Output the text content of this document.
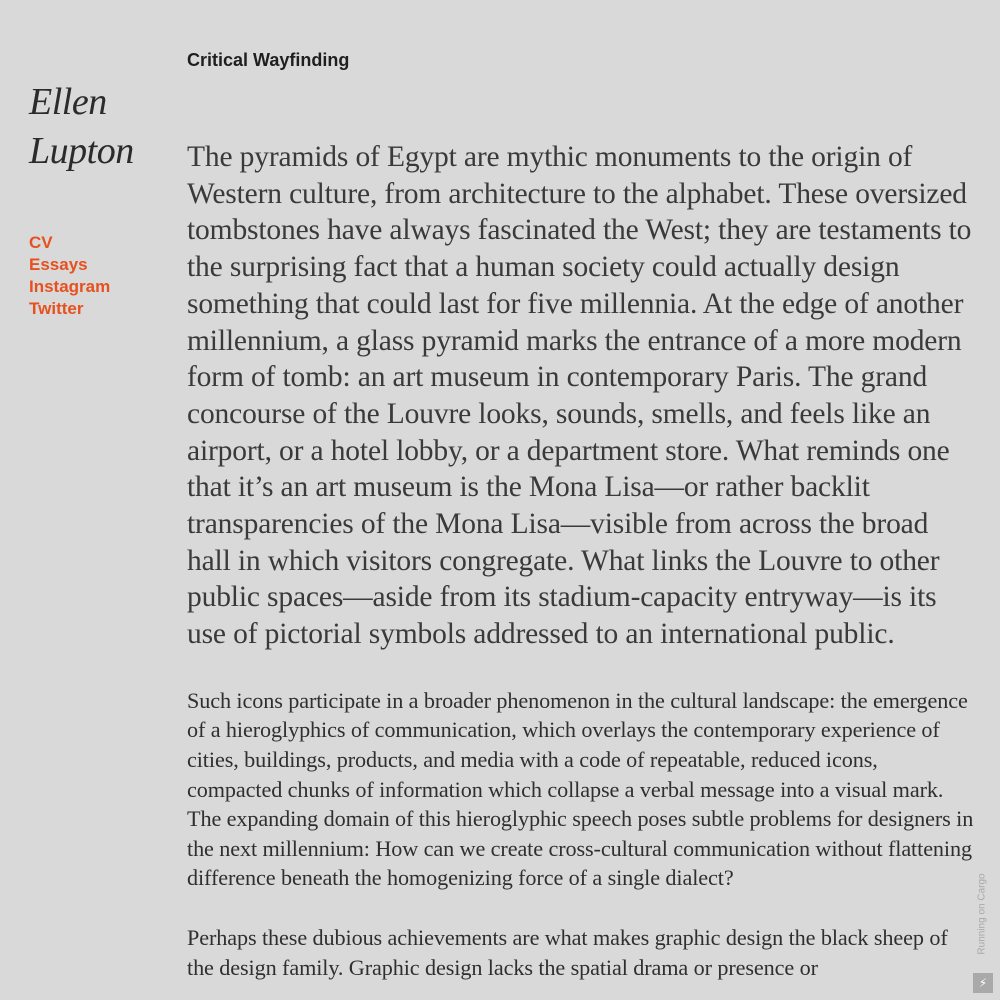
Ellen
Lupton
CV
Essays
Instagram
Twitter
Critical Wayfinding

The pyramids of Egypt are mythic monuments to the origin of Western culture, from architecture to the alphabet. These oversized tombstones have always fascinated the West; they are testaments to the surprising fact that a human society could actually design something that could last for five millennia. At the edge of another millennium, a glass pyramid marks the entrance of a more modern form of tomb: an art museum in contemporary Paris. The grand concourse of the Louvre looks, sounds, smells, and feels like an airport, or a hotel lobby, or a department store. What reminds one that it’s an art museum is the Mona Lisa—or rather backlit transparencies of the Mona Lisa—visible from across the broad hall in which visitors congregate. What links the Louvre to other public spaces—aside from its stadium-capacity entryway—is its use of pictorial symbols addressed to an international public.

Such icons participate in a broader phenomenon in the cultural landscape: the emergence of a hieroglyphics of communication, which overlays the contemporary experience of cities, buildings, products, and media with a code of repeatable, reduced icons, compacted chunks of information which collapse a verbal message into a visual mark. The expanding domain of this hieroglyphic speech poses subtle problems for designers in the next millennium: How can we create cross-cultural communication without flattening difference beneath the homogenizing force of a single dialect?

Perhaps these dubious achievements are what makes graphic design the black sheep of the design family. Graphic design lacks the spatial drama or presence or

Running on Cargo
⚡
